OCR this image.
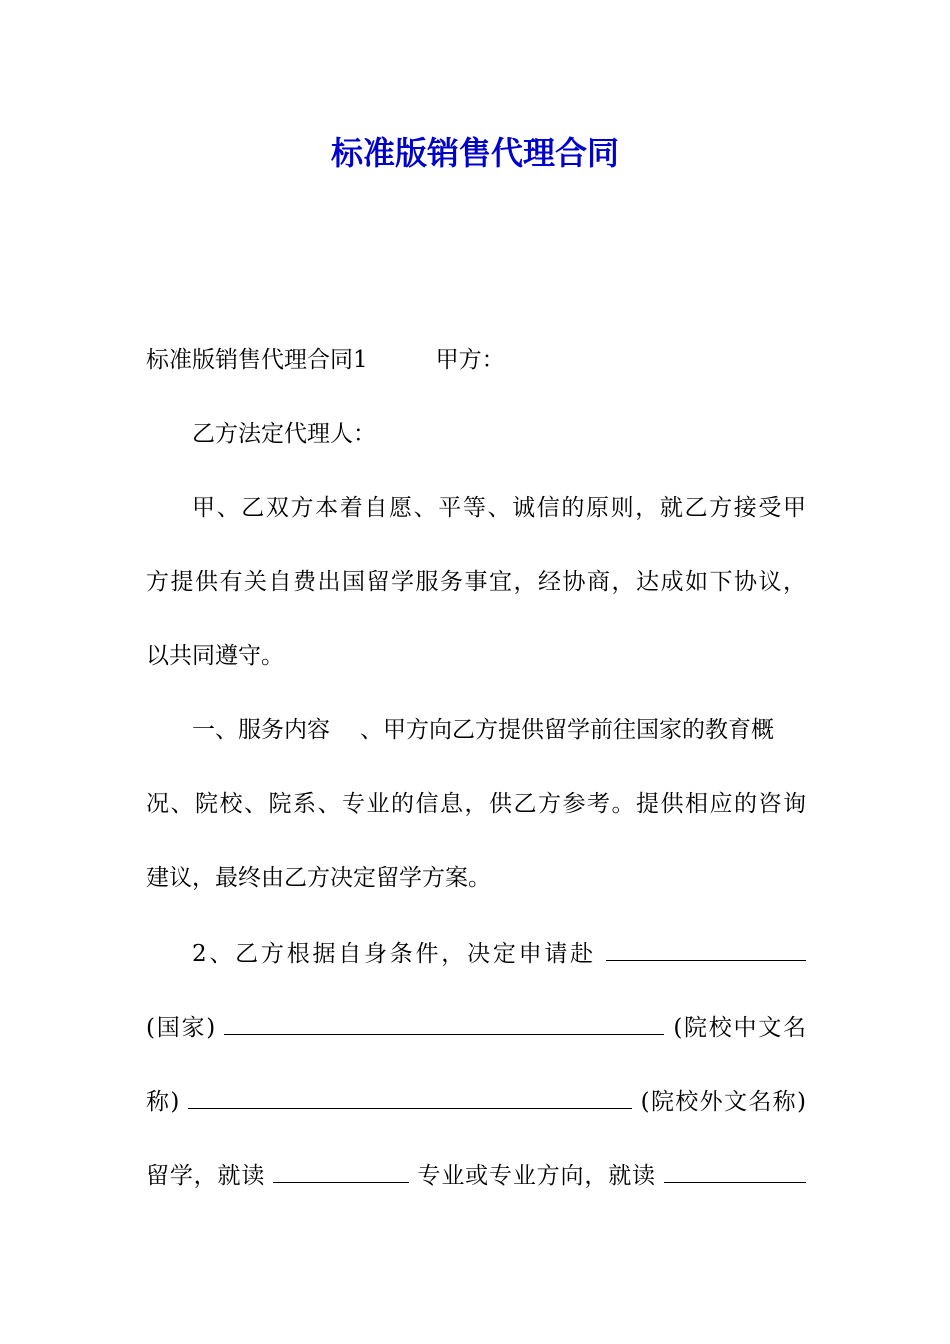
标准版销售代理合同
标准版销售代理合同1	甲方：
乙方法定代理人：
甲、乙双方本着自愿、平等、诚信的原则，就乙方接受甲
方提供有关自费出国留学服务事宜，经协商，达成如下协议，
以共同遵守。
一、服务内容 、甲方向乙方提供留学前往国家的教育概
况、院校、院系、专业的信息，供乙方参考。提供相应的咨询
建议，最终由乙方决定留学方案。
2、乙方根据自身条件，决定申请赴
(国家)	(院校中文名
称)	(院校外文名称)
留学，就读	专业或专业方向，就读
